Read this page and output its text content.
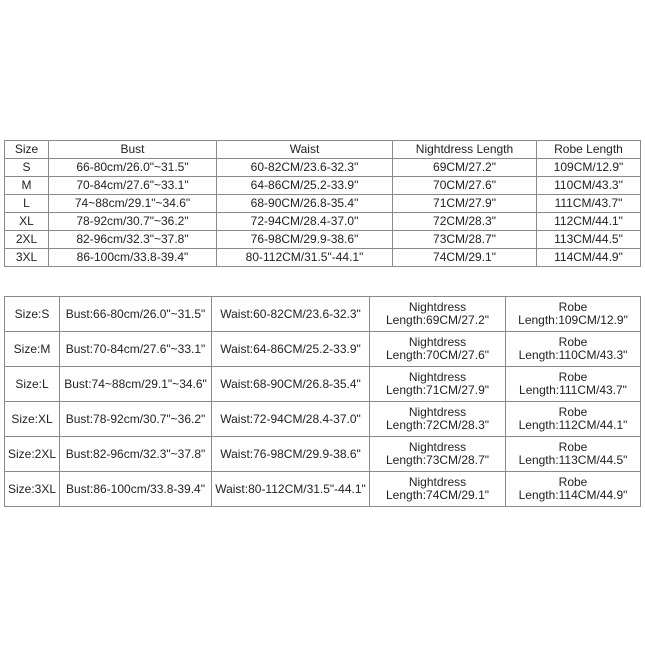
Size	Bust	Waist	Nightdress Length	Robe Length
S	66-80cm/26.0"~31.5"	60-82CM/23.6-32.3"	69CM/27.2"	109CM/12.9"
M	70-84cm/27.6"~33.1"	64-86CM/25.2-33.9"	70CM/27.6"	110CM/43.3"
L	74~88cm/29.1"~34.6"	68-90CM/26.8-35.4"	71CM/27.9"	111CM/43.7"
XL	78-92cm/30.7"~36.2"	72-94CM/28.4-37.0"	72CM/28.3"	112CM/44.1"
2XL	82-96cm/32.3"~37.8"	76-98CM/29.9-38.6"	73CM/28.7"	113CM/44.5"
3XL	86-100cm/33.8-39.4"	80-112CM/31.5"-44.1"	74CM/29.1"	114CM/44.9"
Size:S	Bust:66-80cm/26.0"~31.5"	Waist:60-82CM/23.6-32.3"	Nightdress Length:69CM/27.2"	Robe Length:109CM/12.9"
Size:M	Bust:70-84cm/27.6"~33.1"	Waist:64-86CM/25.2-33.9"	Nightdress Length:70CM/27.6"	Robe Length:110CM/43.3"
Size:L	Bust:74~88cm/29.1"~34.6"	Waist:68-90CM/26.8-35.4"	Nightdress Length:71CM/27.9"	Robe Length:111CM/43.7"
Size:XL	Bust:78-92cm/30.7"~36.2"	Waist:72-94CM/28.4-37.0"	Nightdress Length:72CM/28.3"	Robe Length:112CM/44.1"
Size:2XL	Bust:82-96cm/32.3"~37.8"	Waist:76-98CM/29.9-38.6"	Nightdress Length:73CM/28.7"	Robe Length:113CM/44.5"
Size:3XL	Bust:86-100cm/33.8-39.4"	Waist:80-112CM/31.5"-44.1"	Nightdress Length:74CM/29.1"	Robe Length:114CM/44.9"
